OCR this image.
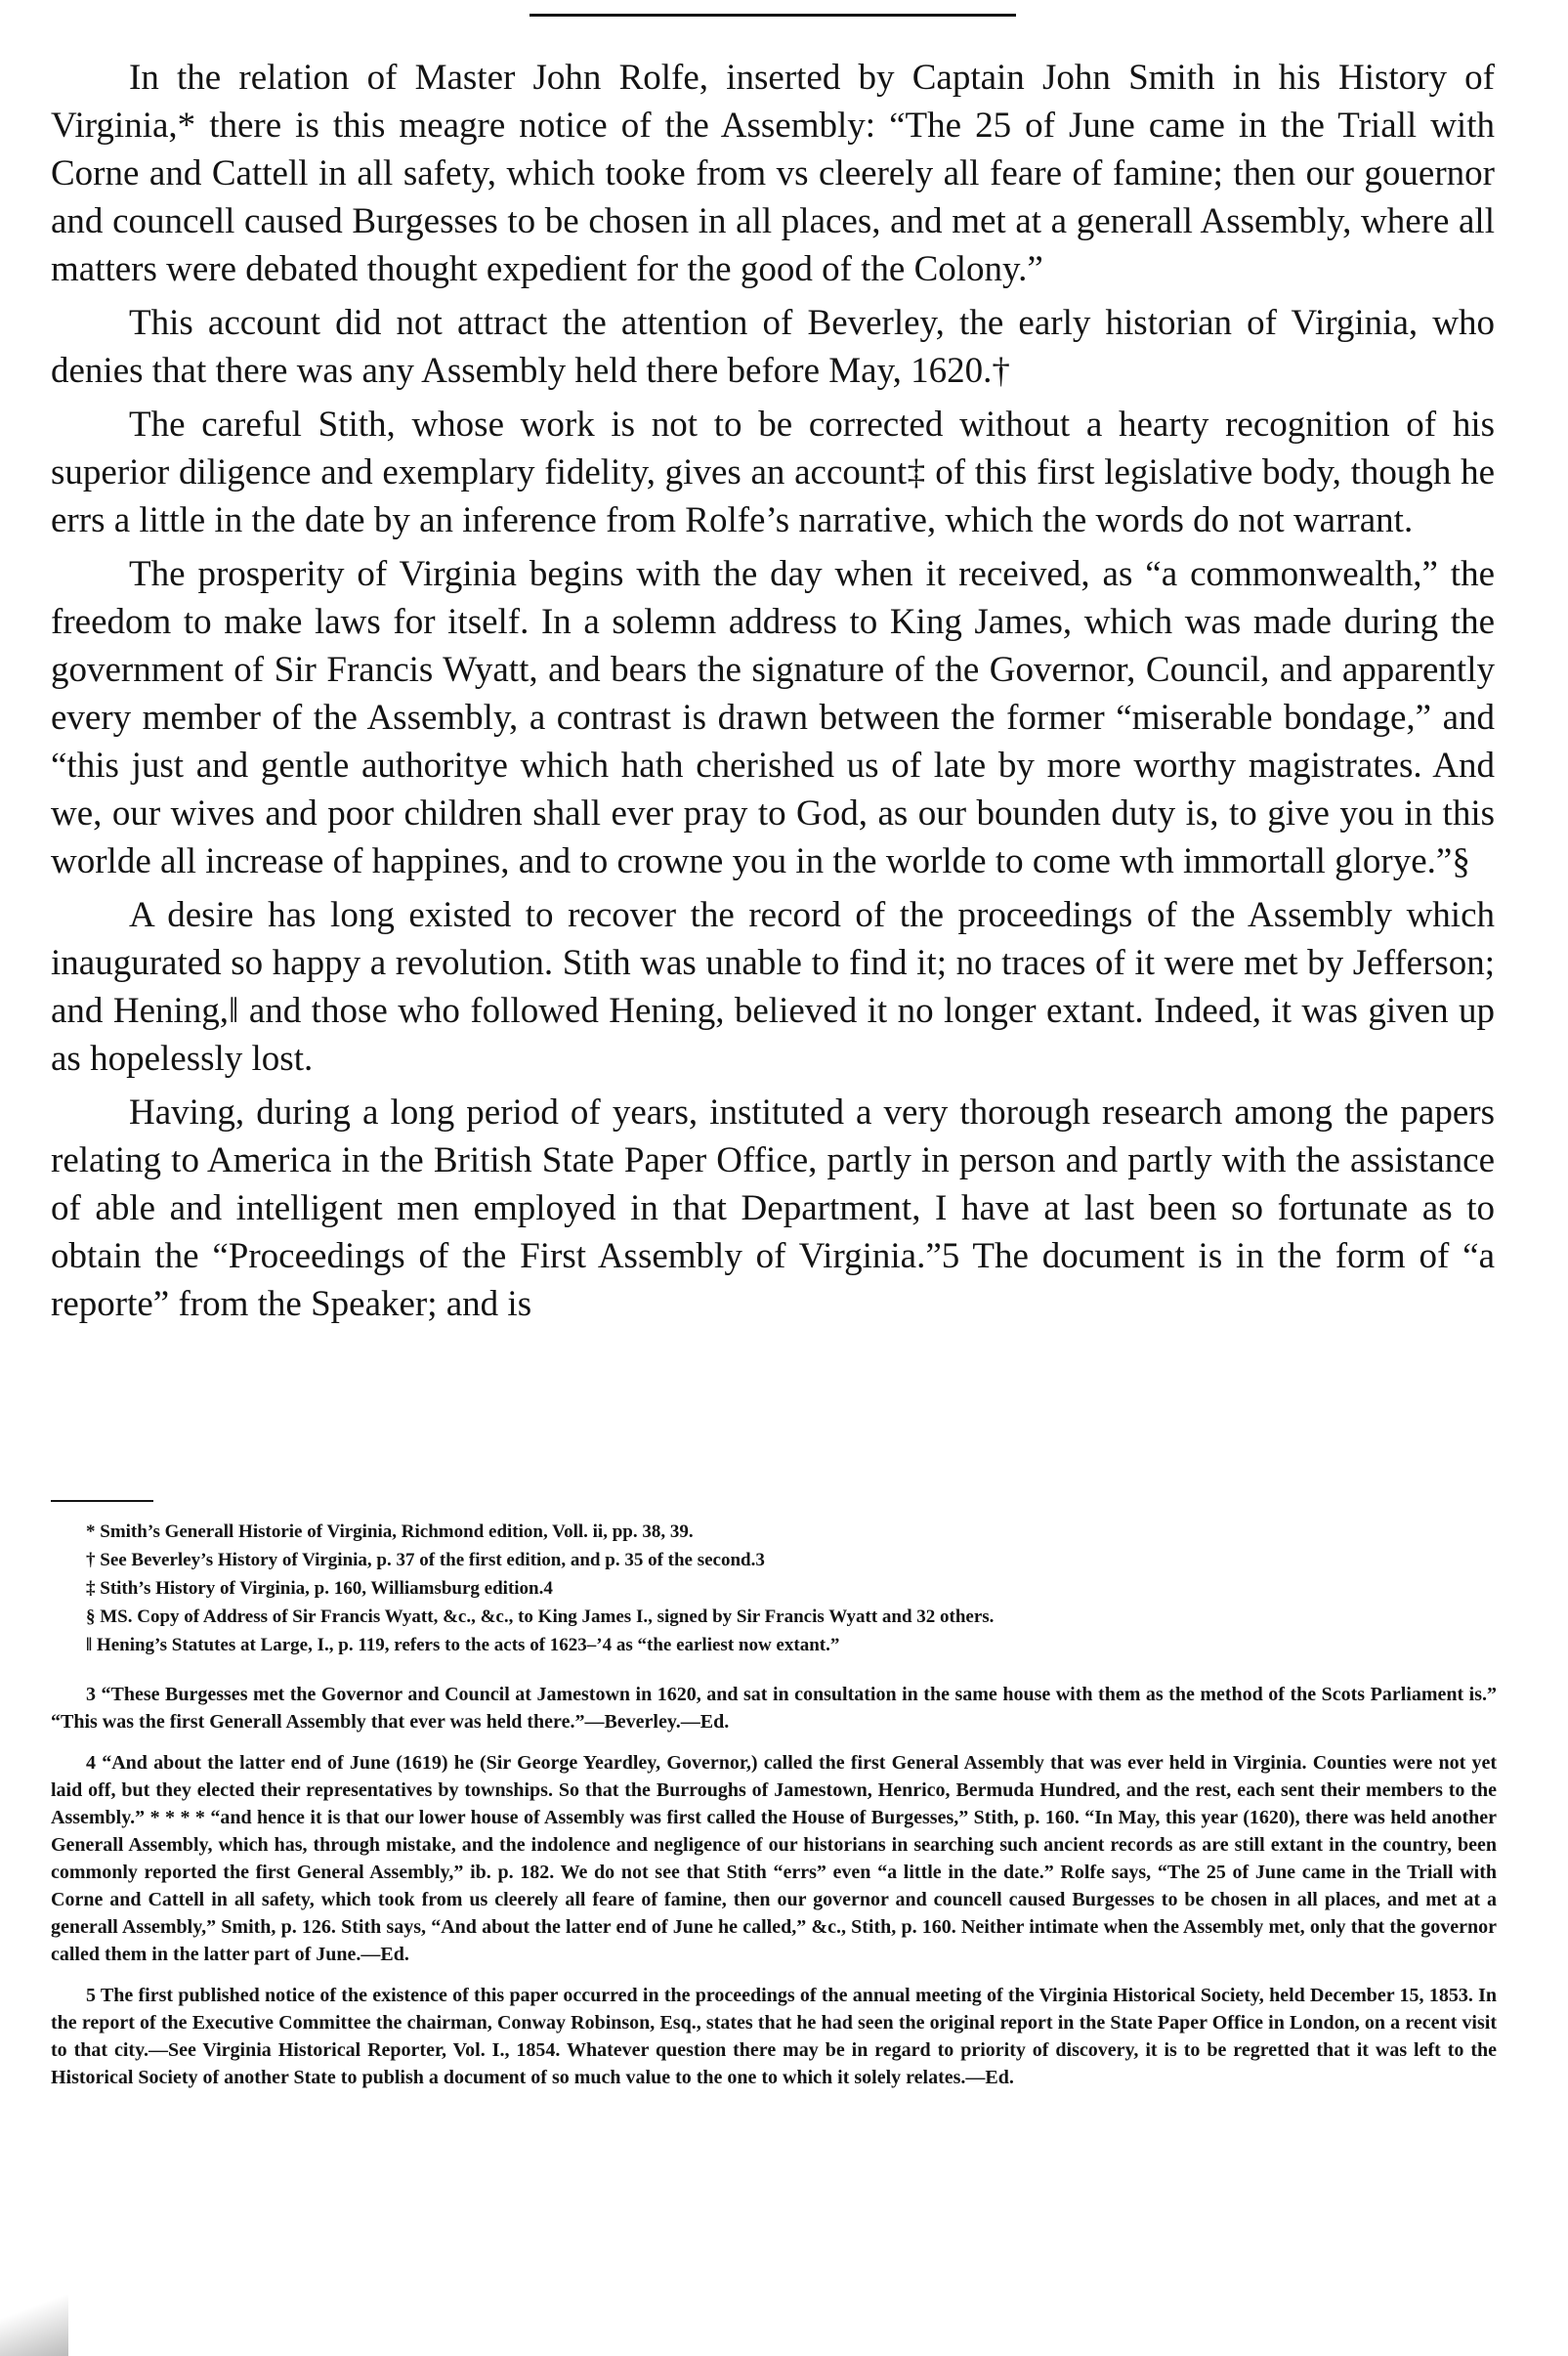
In the relation of Master John Rolfe, inserted by Captain John Smith in his History of Virginia,* there is this meagre notice of the Assembly: “The 25 of June came in the Triall with Corne and Cattell in all safety, which tooke from vs cleerely all feare of famine; then our gouernor and councell caused Burgesses to be chosen in all places, and met at a generall Assembly, where all matters were debated thought expedient for the good of the Colony.”

This account did not attract the attention of Beverley, the early historian of Virginia, who denies that there was any Assembly held there before May, 1620.†

The careful Stith, whose work is not to be corrected without a hearty recognition of his superior diligence and exemplary fidelity, gives an account‡ of this first legislative body, though he errs a little in the date by an inference from Rolfe’s narrative, which the words do not warrant.

The prosperity of Virginia begins with the day when it received, as “a commonwealth,” the freedom to make laws for itself. In a solemn address to King James, which was made during the government of Sir Francis Wyatt, and bears the signature of the Governor, Council, and apparently every member of the Assembly, a contrast is drawn between the former “miserable bondage,” and “this just and gentle authoritye which hath cherished us of late by more worthy magistrates. And we, our wives and poor children shall ever pray to God, as our bounden duty is, to give you in this worlde all increase of happines, and to crowne you in the worlde to come wth immortall glorye.”§

A desire has long existed to recover the record of the proceedings of the Assembly which inaugurated so happy a revolution. Stith was unable to find it; no traces of it were met by Jefferson; and Hening,‖ and those who followed Hening, believed it no longer extant. Indeed, it was given up as hopelessly lost.

Having, during a long period of years, instituted a very thorough research among the papers relating to America in the British State Paper Office, partly in person and partly with the assistance of able and intelligent men employed in that Department, I have at last been so fortunate as to obtain the “Proceedings of the First Assembly of Virginia.”5 The document is in the form of “a reporte” from the Speaker; and is

* Smith’s Generall Historie of Virginia, Richmond edition, Voll. ii, pp. 38, 39.
† See Beverley’s History of Virginia, p. 37 of the first edition, and p. 35 of the second.3
‡ Stith’s History of Virginia, p. 160, Williamsburg edition.4
§ MS. Copy of Address of Sir Francis Wyatt, &c., &c., to King James I., signed by Sir Francis Wyatt and 32 others.
‖ Hening’s Statutes at Large, I., p. 119, refers to the acts of 1623–’4 as “the earliest now extant.”

3 “These Burgesses met the Governor and Council at Jamestown in 1620, and sat in consultation in the same house with them as the method of the Scots Parliament is.” “This was the first Generall Assembly that ever was held there.”—Beverley.—Ed.

4 “And about the latter end of June (1619) he (Sir George Yeardley, Governor,) called the first General Assembly that was ever held in Virginia. Counties were not yet laid off, but they elected their representatives by townships. So that the Burroughs of Jamestown, Henrico, Bermuda Hundred, and the rest, each sent their members to the Assembly.” * * * * “and hence it is that our lower house of Assembly was first called the House of Burgesses,” Stith, p. 160. “In May, this year (1620), there was held another Generall Assembly, which has, through mistake, and the indolence and negligence of our historians in searching such ancient records as are still extant in the country, been commonly reported the first General Assembly,” ib. p. 182. We do not see that Stith “errs” even “a little in the date.” Rolfe says, “The 25 of June came in the Triall with Corne and Cattell in all safety, which took from us cleerely all feare of famine, then our governor and councell caused Burgesses to be chosen in all places, and met at a generall Assembly,” Smith, p. 126. Stith says, “And about the latter end of June he called,” &c., Stith, p. 160. Neither intimate when the Assembly met, only that the governor called them in the latter part of June.—Ed.

5 The first published notice of the existence of this paper occurred in the proceedings of the annual meeting of the Virginia Historical Society, held December 15, 1853. In the report of the Executive Committee the chairman, Conway Robinson, Esq., states that he had seen the original report in the State Paper Office in London, on a recent visit to that city.—See Virginia Historical Reporter, Vol. I., 1854. Whatever question there may be in regard to priority of discovery, it is to be regretted that it was left to the Historical Society of another State to publish a document of so much value to the one to which it solely relates.—Ed.
